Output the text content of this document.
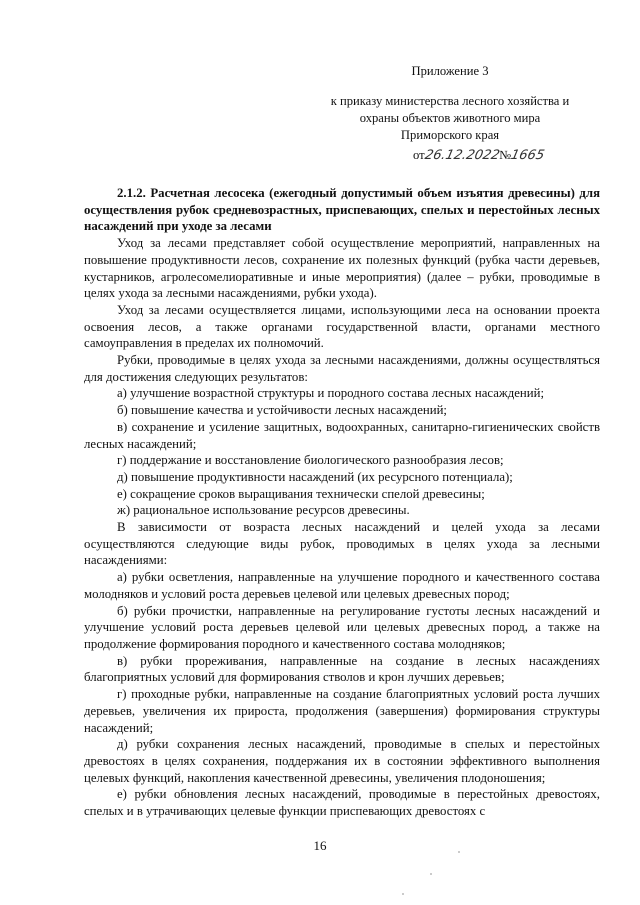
Приложение 3
к приказу министерства лесного хозяйства и
охраны объектов животного мира
Приморского края
от26.12.2022№1665

2.1.2. Расчетная лесосека (ежегодный допустимый объем изъятия древесины) для осуществления рубок средневозрастных, приспевающих, спелых и перестойных лесных насаждений при уходе за лесами

Уход за лесами представляет собой осуществление мероприятий, направленных на повышение продуктивности лесов, сохранение их полезных функций (рубка части деревьев, кустарников, агролесомелиоративные и иные мероприятия) (далее – рубки, проводимые в целях ухода за лесными насаждениями, рубки ухода).

Уход за лесами осуществляется лицами, использующими леса на основании проекта освоения лесов, а также органами государственной власти, органами местного самоуправления в пределах их полномочий.

Рубки, проводимые в целях ухода за лесными насаждениями, должны осуществляться для достижения следующих результатов:

а) улучшение возрастной структуры и породного состава лесных насаждений;

б) повышение качества и устойчивости лесных насаждений;

в) сохранение и усиление защитных, водоохранных, санитарно-гигиенических свойств лесных насаждений;

г) поддержание и восстановление биологического разнообразия лесов;

д) повышение продуктивности насаждений (их ресурсного потенциала);

е) сокращение сроков выращивания технически спелой древесины;

ж) рациональное использование ресурсов древесины.

В зависимости от возраста лесных насаждений и целей ухода за лесами осуществляются следующие виды рубок, проводимых в целях ухода за лесными насаждениями:

а) рубки осветления, направленные на улучшение породного и качественного состава молодняков и условий роста деревьев целевой или целевых древесных пород;

б) рубки прочистки, направленные на регулирование густоты лесных насаждений и улучшение условий роста деревьев целевой или целевых древесных пород, а также на продолжение формирования породного и качественного состава молодняков;

в) рубки прореживания, направленные на создание в лесных насаждениях благоприятных условий для формирования стволов и крон лучших деревьев;

г) проходные рубки, направленные на создание благоприятных условий роста лучших деревьев, увеличения их прироста, продолжения (завершения) формирования структуры насаждений;

д) рубки сохранения лесных насаждений, проводимые в спелых и перестойных древостоях в целях сохранения, поддержания их в состоянии эффективного выполнения целевых функций, накопления качественной древесины, увеличения плодоношения;

е) рубки обновления лесных насаждений, проводимые в перестойных древостоях, спелых и в утрачивающих целевые функции приспевающих древостоях с

16
